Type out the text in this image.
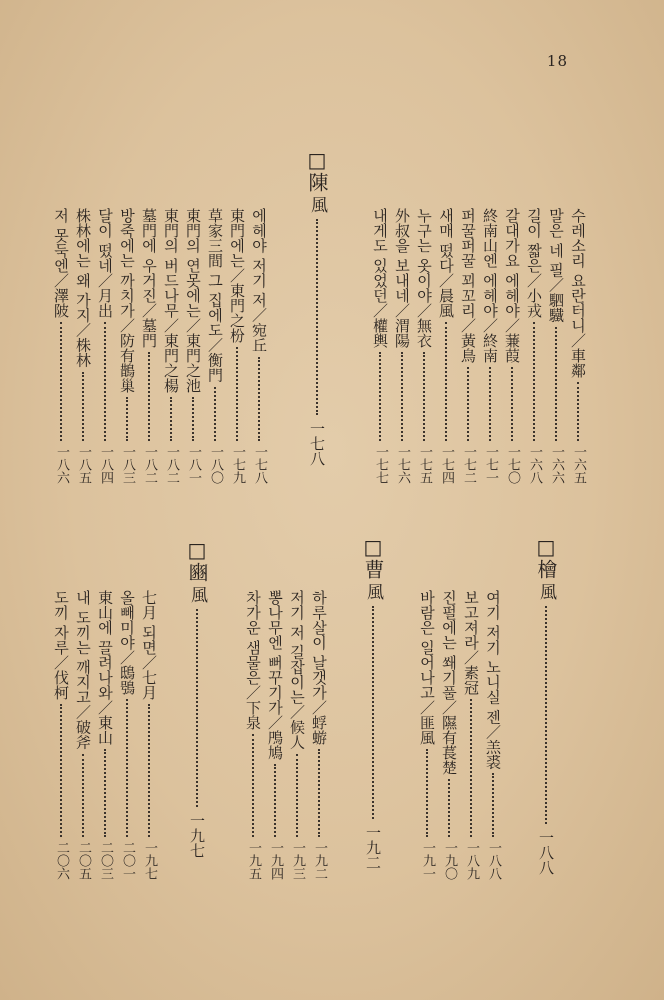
18
수레소리 요란터니／車鄰
一六五
말은 네 필／駟驖
一六六
길이 짧은／小戎
一六八
갈대가요 에헤야／蒹葭
一七〇
終南山엔 에헤야／終南
一七一
퍼꿀퍼꿀 꾀꼬리／黃鳥
一七二
새매 떴다／晨風
一七四
누구는 옷이야／無衣
一七五
外叔을 보내네／渭陽
一七六
내게도 있었던／權輿
一七七
□陳
風
一七八
에헤야 저기 저／宛丘
一七八
東門에는／東門之枌
一七九
草家三間 그 집에도／衡門
一八〇
東門의 연못에는／東門之池
一八一
東門의 버드나무／東門之楊
一八二
墓門에 우거진／墓門
一八二
방죽에는 까치가／防有鵲巢
一八三
달이 떴네／月出
一八四
株林에는 왜 가지／株林
一八五
저 못둑엔／澤陂
一八六
□檜
風
一八八
여기 저기 노니실 젠／羔裘
一八八
보고져라／素冠
一八九
진펄에는 쐐기풀／隰有萇楚
一九〇
바람은 일어나고／匪風
一九一
□曹
風
一九二
하루살이 날갯가／蜉蝣
一九二
저기 저 길잡이는／候人
一九三
뽕나무엔 뻐꾸기가／鳲鳩
一九四
차가운 샘물은／下泉
一九五
□豳
風
一九七
七月 되면／七月
一九七
올빼미야／鴟鴞
二〇一
東山에 끌려나와／東山
二〇三
내 도끼는 깨지고／破斧
二〇五
도끼 자루／伐柯
二〇六
